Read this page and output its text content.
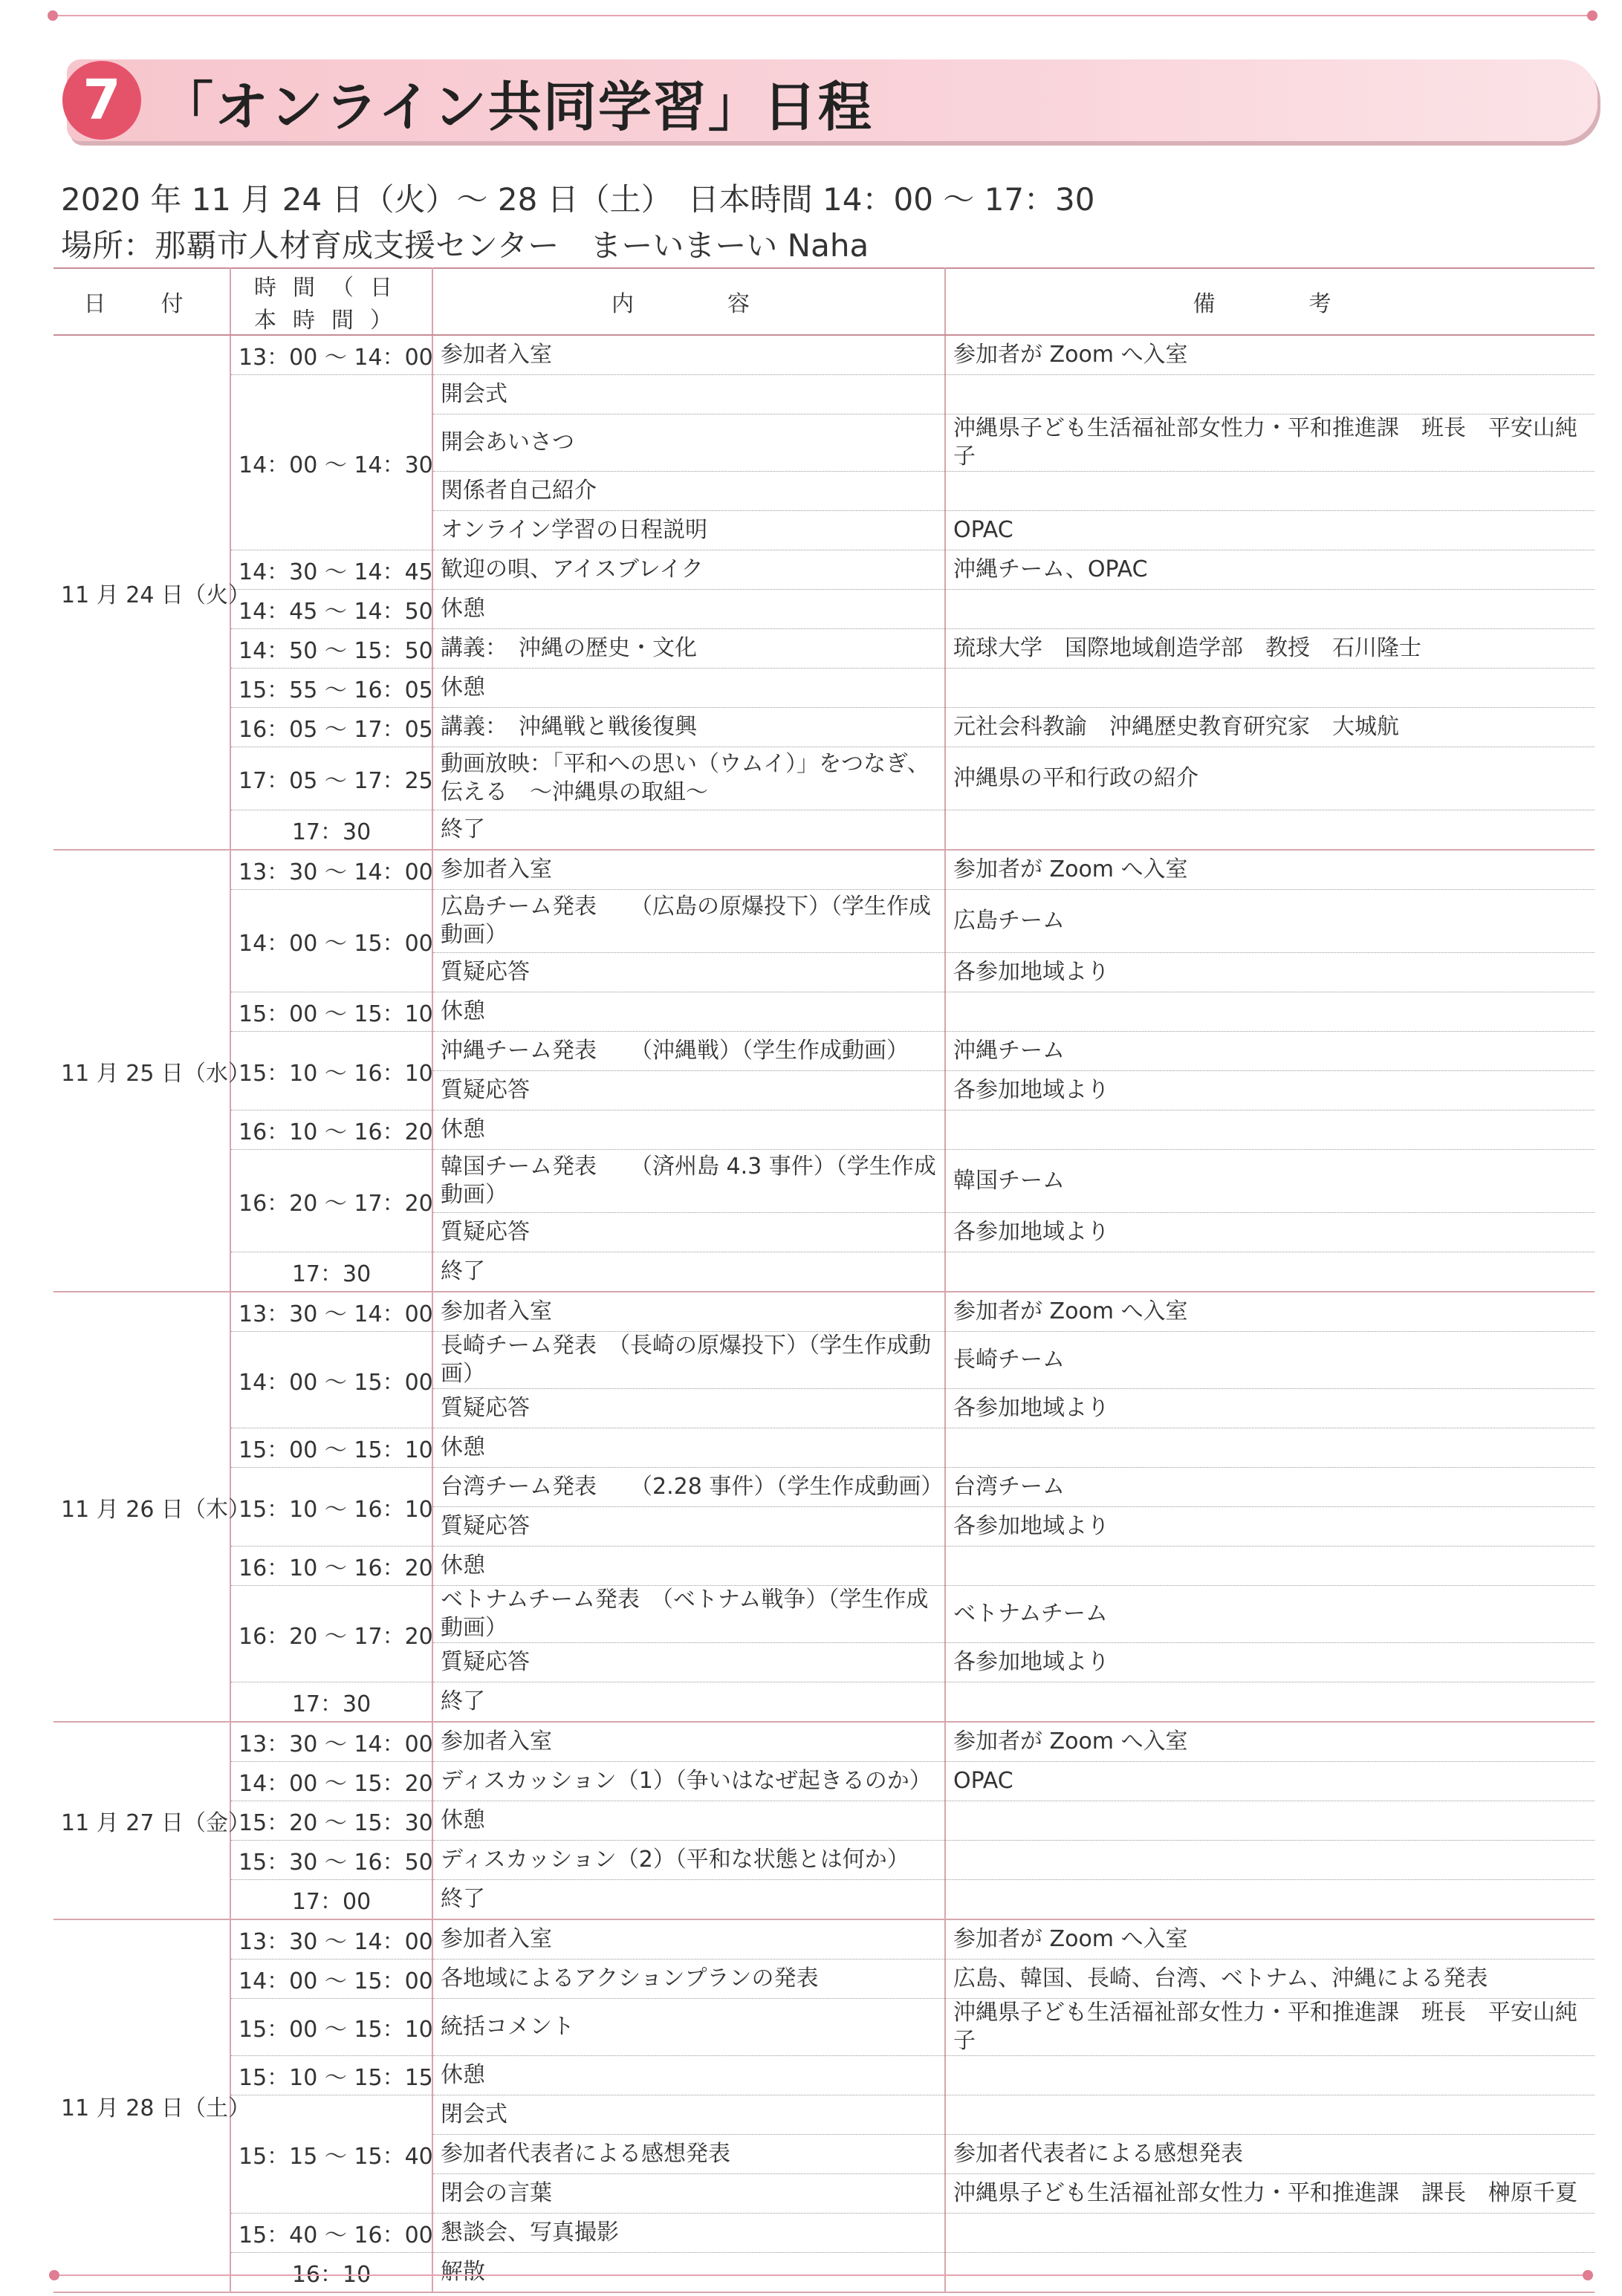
7 「オンライン共同学習」日程
2020 年 11 月 24 日（火）～ 28 日（土）　日本時間 14：00 ～ 17：30
場所：那覇市人材育成支援センター　まーいまーい Naha
日　付	時間（日本時間）	内　　容	備　　考
11 月 24 日（火）	13：00 ～ 14：00	参加者入室	参加者が Zoom へ入室
	14：00 ～ 14：30	開会式	
		開会あいさつ	沖縄県子ども生活福祉部女性力・平和推進課　班長　平安山純子
		関係者自己紹介	
		オンライン学習の日程説明	OPAC
	14：30 ～ 14：45	歓迎の唄、アイスブレイク	沖縄チーム、OPAC
	14：45 ～ 14：50	休憩	
	14：50 ～ 15：50	講義：　沖縄の歴史・文化	琉球大学　国際地域創造学部　教授　石川隆士
	15：55 ～ 16：05	休憩	
	16：05 ～ 17：05	講義：　沖縄戦と戦後復興	元社会科教諭　沖縄歴史教育研究家　大城航
	17：05 ～ 17：25	動画放映：「平和への思い（ウムイ）」をつなぎ、伝える　～沖縄県の取組～	沖縄県の平和行政の紹介
	17：30	終了	
11 月 25 日（水）	13：30 ～ 14：00	参加者入室	参加者が Zoom へ入室
	14：00 ～ 15：00	広島チーム発表　　（広島の原爆投下）（学生作成動画）	広島チーム
		質疑応答	各参加地域より
	15：00 ～ 15：10	休憩	
	15：10 ～ 16：10	沖縄チーム発表　　（沖縄戦）（学生作成動画）	沖縄チーム
		質疑応答	各参加地域より
	16：10 ～ 16：20	休憩	
	16：20 ～ 17：20	韓国チーム発表　　（済州島 4.3 事件）（学生作成動画）	韓国チーム
		質疑応答	各参加地域より
	17：30	終了	
11 月 26 日（木）	13：30 ～ 14：00	参加者入室	参加者が Zoom へ入室
	14：00 ～ 15：00	長崎チーム発表　（長崎の原爆投下）（学生作成動画）	長崎チーム
		質疑応答	各参加地域より
	15：00 ～ 15：10	休憩	
	15：10 ～ 16：10	台湾チーム発表　　（2.28 事件）（学生作成動画）	台湾チーム
		質疑応答	各参加地域より
	16：10 ～ 16：20	休憩	
	16：20 ～ 17：20	ベトナムチーム発表　（ベトナム戦争）（学生作成動画）	ベトナムチーム
		質疑応答	各参加地域より
	17：30	終了	
11 月 27 日（金）	13：30 ～ 14：00	参加者入室	参加者が Zoom へ入室
	14：00 ～ 15：20	ディスカッション（1）（争いはなぜ起きるのか）	OPAC
	15：20 ～ 15：30	休憩	
	15：30 ～ 16：50	ディスカッション（2）（平和な状態とは何か）	
	17：00	終了	
11 月 28 日（土）	13：30 ～ 14：00	参加者入室	参加者が Zoom へ入室
	14：00 ～ 15：00	各地域によるアクションプランの発表	広島、韓国、長崎、台湾、ベトナム、沖縄による発表
	15：00 ～ 15：10	統括コメント	沖縄県子ども生活福祉部女性力・平和推進課　班長　平安山純子
	15：10 ～ 15：15	休憩	
	15：15 ～ 15：40	閉会式	
		参加者代表者による感想発表	参加者代表者による感想発表
		閉会の言葉	沖縄県子ども生活福祉部女性力・平和推進課　課長　榊原千夏
	15：40 ～ 16：00	懇談会、写真撮影	
	16：10	解散	
